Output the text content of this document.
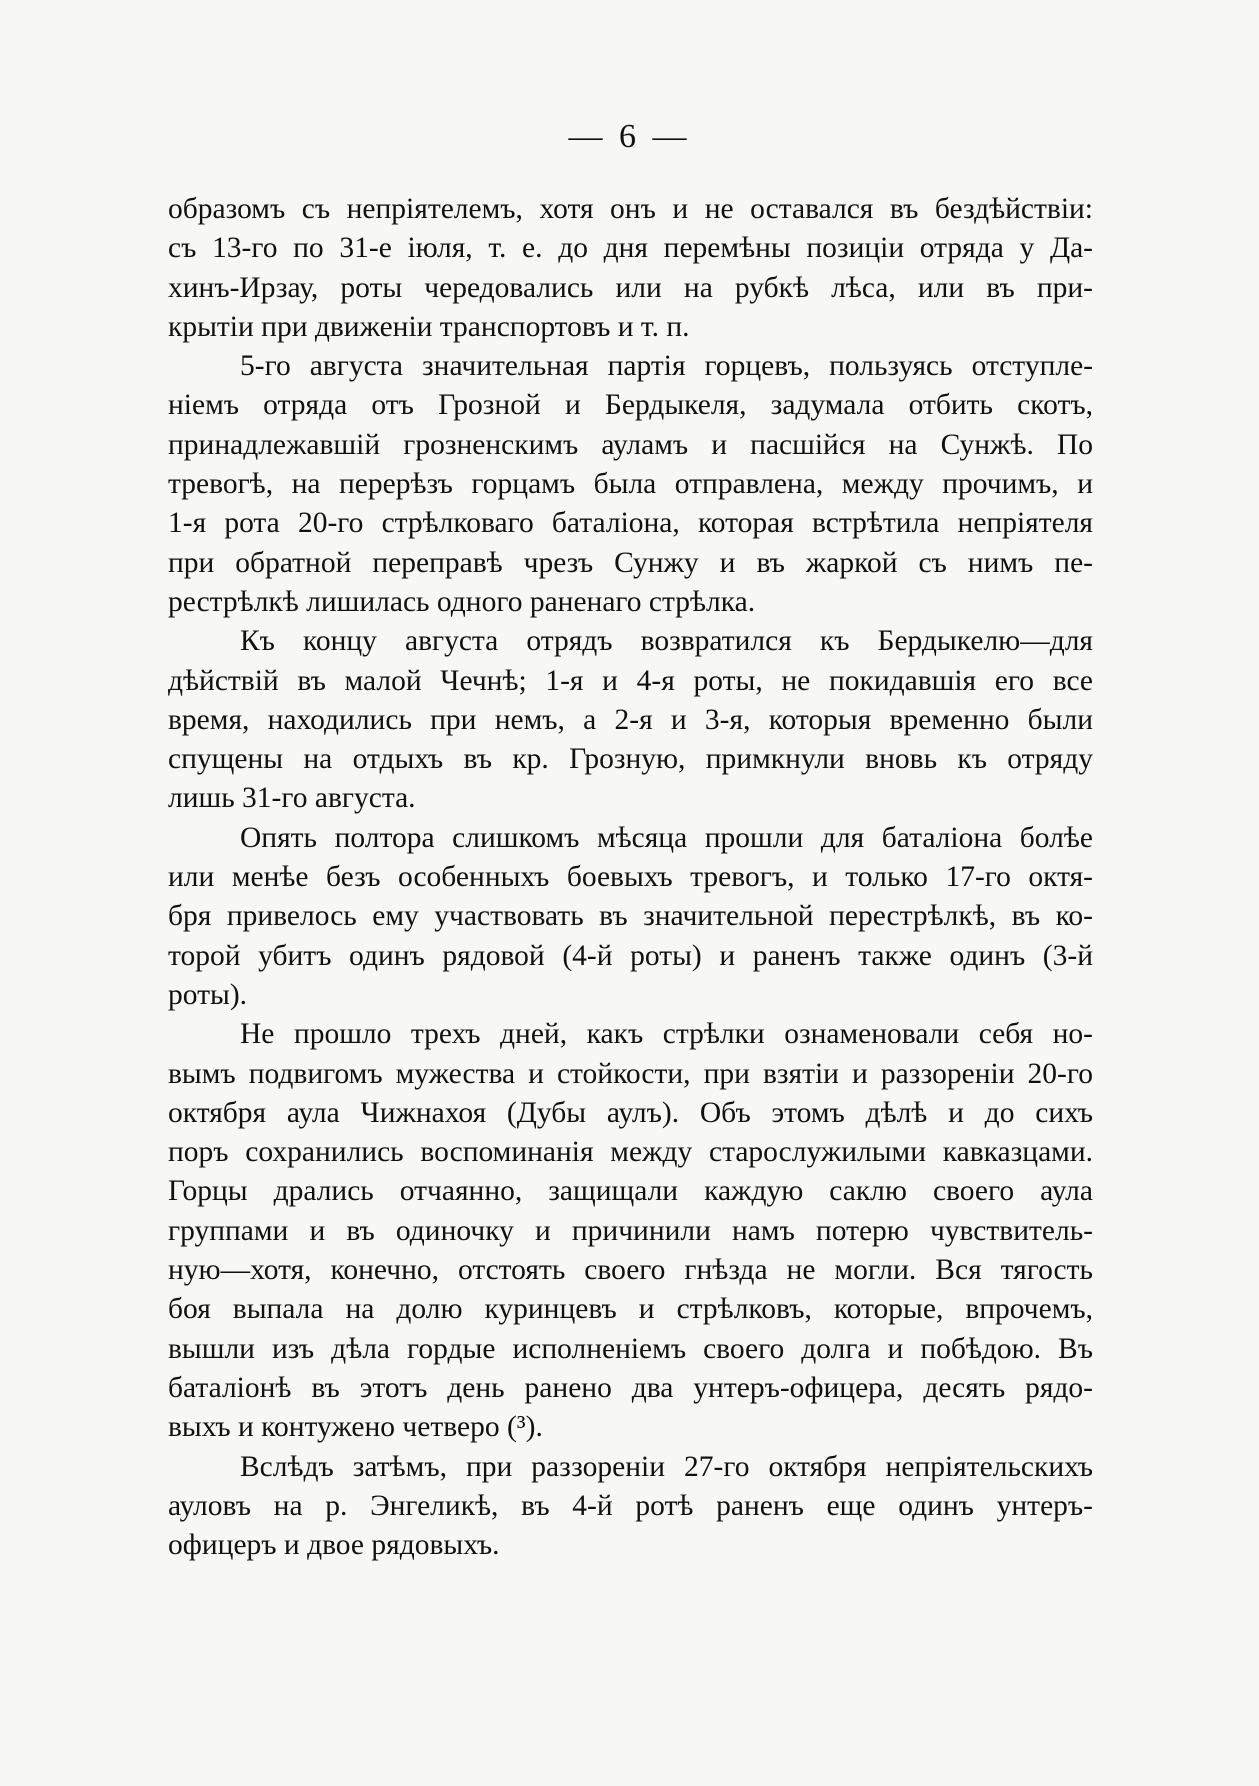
— 6 —
образомъ съ непріятелемъ, хотя онъ и не оставался въ бездѣйствіи:
съ 13-го по 31-е іюля, т. е. до дня перемѣны позиціи отряда у Да-
хинъ-Ирзау, роты чередовались или на рубкѣ лѣса, или въ при-
крытіи при движеніи транспортовъ и т. п.
5-го августа значительная партія горцевъ, пользуясь отступле-
ніемъ отряда отъ Грозной и Бердыкеля, задумала отбить скотъ,
принадлежавшій грозненскимъ ауламъ и пасшійся на Сунжѣ. По
тревогѣ, на перерѣзъ горцамъ была отправлена, между прочимъ, и
1-я рота 20-го стрѣлковаго баталіона, которая встрѣтила непріятеля
при обратной переправѣ чрезъ Сунжу и въ жаркой съ нимъ пе-
рестрѣлкѣ лишилась одного раненаго стрѣлка.
Къ концу августа отрядъ возвратился къ Бердыкелю—для
дѣйствій въ малой Чечнѣ; 1-я и 4-я роты, не покидавшія его все
время, находились при немъ, а 2-я и 3-я, которыя временно были
спущены на отдыхъ въ кр. Грозную, примкнули вновь къ отряду
лишь 31-го августа.
Опять полтора слишкомъ мѣсяца прошли для баталіона болѣе
или менѣе безъ особенныхъ боевыхъ тревогъ, и только 17-го октя-
бря привелось ему участвовать въ значительной перестрѣлкѣ, въ ко-
торой убитъ одинъ рядовой (4-й роты) и раненъ также одинъ (3-й
роты).
Не прошло трехъ дней, какъ стрѣлки ознаменовали себя но-
вымъ подвигомъ мужества и стойкости, при взятіи и раззореніи 20-го
октября аула Чижнахоя (Дубы аулъ). Объ этомъ дѣлѣ и до сихъ
поръ сохранились воспоминанія между старослужилыми кавказцами.
Горцы дрались отчаянно, защищали каждую саклю своего аула
группами и въ одиночку и причинили намъ потерю чувствитель-
ную—хотя, конечно, отстоять своего гнѣзда не могли. Вся тягость
боя выпала на долю куринцевъ и стрѣлковъ, которые, впрочемъ,
вышли изъ дѣла гордые исполненіемъ своего долга и побѣдою. Въ
баталіонѣ въ этотъ день ранено два унтеръ-офицера, десять рядо-
выхъ и контужено четверо (³).
Вслѣдъ затѣмъ, при раззореніи 27-го октября непріятельскихъ
ауловъ на р. Энгеликѣ, въ 4-й ротѣ раненъ еще одинъ унтеръ-
офицеръ и двое рядовыхъ.
